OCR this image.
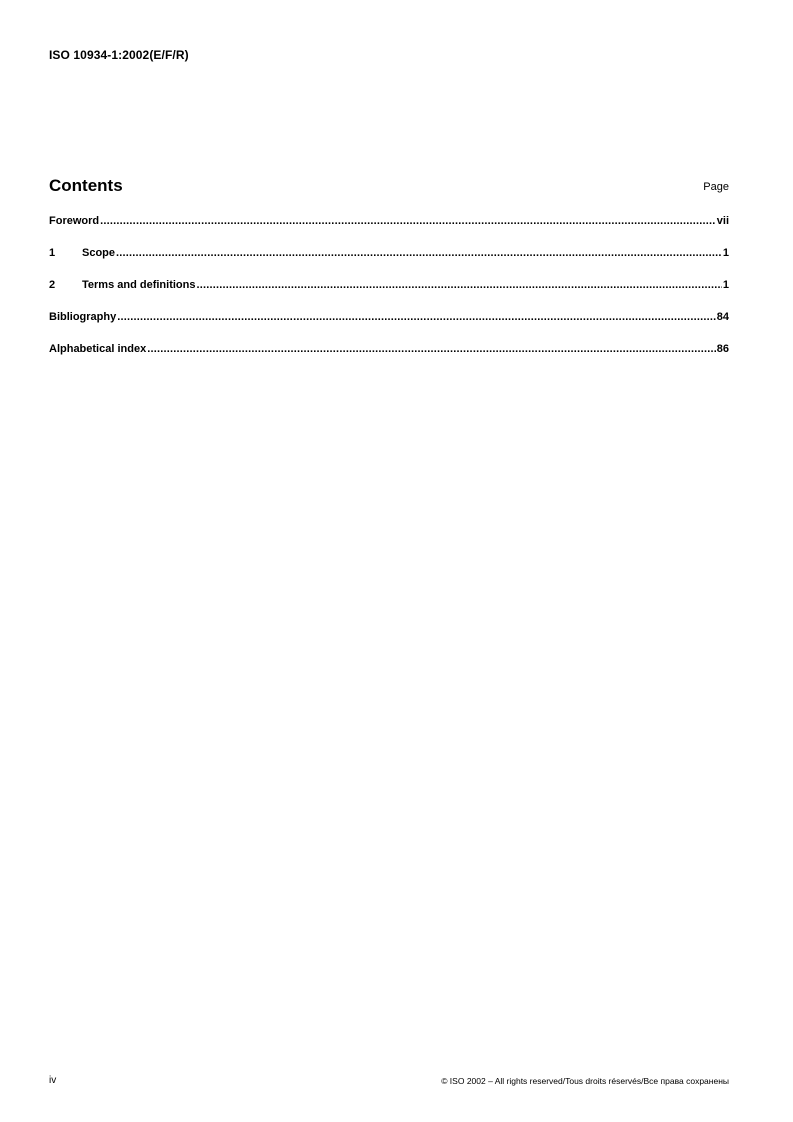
ISO 10934-1:2002(E/F/R)
Contents	Page
Foreword .....	vii
1	Scope .....	1
2	Terms and definitions .....	1
Bibliography .....	84
Alphabetical index .....	86
iv	© ISO 2002 – All rights reserved/Tous droits réservés/Все права сохранены
